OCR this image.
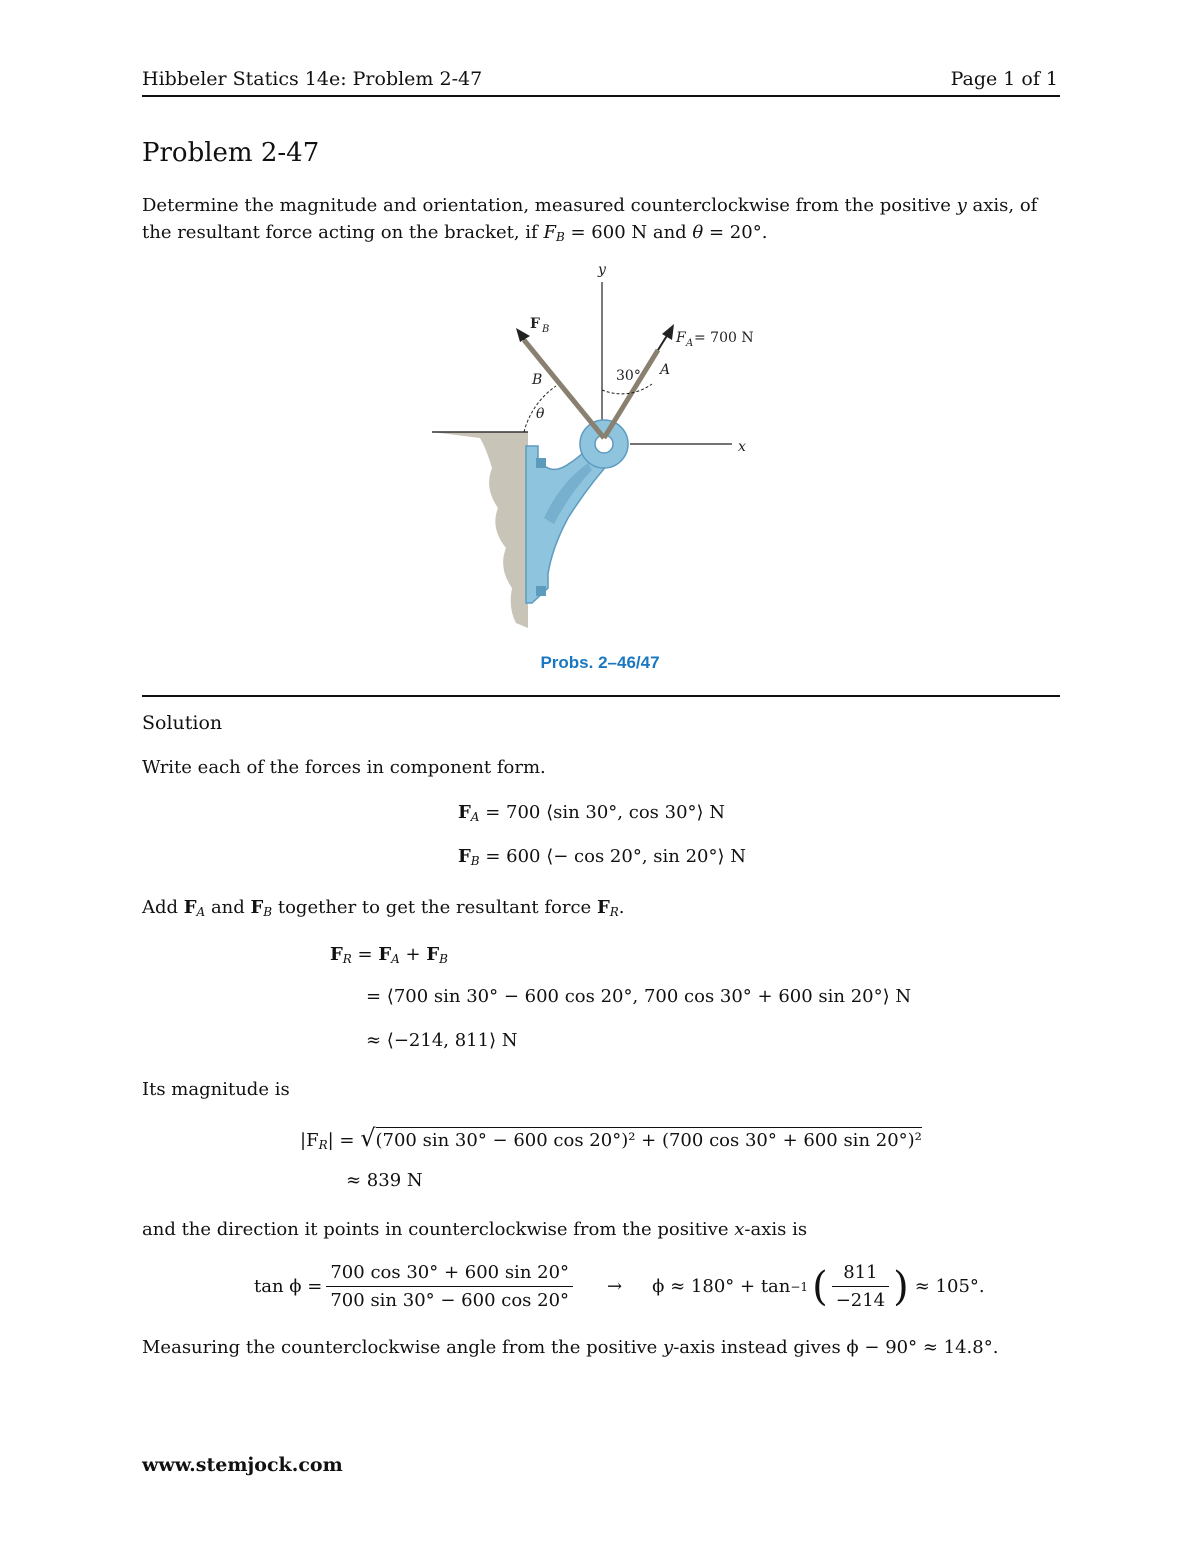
Hibbeler Statics 14e: Problem 2-47	Page 1 of 1
Problem 2-47
Determine the magnitude and orientation, measured counterclockwise from the positive y axis, of
the resultant force acting on the bracket, if $F_B = 600$ N and θ = 20°.
y
x
F B
F A = 700 N
A
B	30°
θ
Probs. 2–46/47
Solution
Write each of the forces in component form.
$F_A = 700$ ⟨sin 30°, cos 30°⟩ N
$F_B = 600$ ⟨− cos 20°, sin 20°⟩ N
Add $F_A$ and $F_B$ together to get the resultant force $F_R$.
$F_R = F_A + F_B$
= ⟨700 sin 30° − 600 cos 20°, 700 cos 30° + 600 sin 20°⟩ N
≈ ⟨−214, 811⟩ N
Its magnitude is
$|F_R| = √(700$ sin 30° − 600 cos 20°)² + (700 cos 30° + 600 sin 20°)²
≈ 839 N
and the direction it points in counterclockwise from the positive x-axis is
$\tan \phi = \frac{700 \cos 30^\circ + 600 \sin 20^\circ}{700 \sin 30^\circ - 600 \cos 20^\circ} \to \phi \approx 180^\circ + \tan -1$ ( $\frac{811}{-214}$ ) ≈ 105°.
Measuring the counterclockwise angle from the positive y-axis instead gives ϕ − 90° ≈ 14.8°.
www.stemjock.com
